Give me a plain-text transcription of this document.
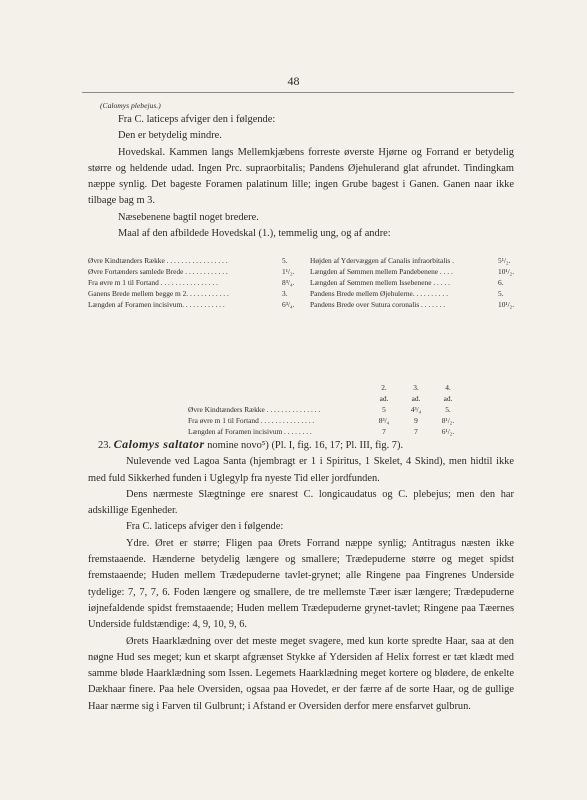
48

(Calomys plebejus.)

Fra C. laticeps afviger den i følgende:

Den er betydelig mindre.

Hovedskal. Kammen langs Mellemkjæbens forreste øverste Hjørne og Forrand er betydelig større og heldende udad. Ingen Prc. supraorbitalis; Pandens Øjehulerand glat afrundet. Tindingkam næppe synlig. Det bageste Foramen palatinum lille; ingen Grube bagest i Ganen. Ganen naar ikke tilbage bag m 3.

Næsebenene bagtil noget bredere.

Maal af den afbildede Hovedskal (1.), temmelig ung, og af andre:

Øvre Kindtænders Række . . . . . . . . . . . . . . . . .	5.
Øvre Fortænders samlede Brede . . . . . . . . . . . .	1¹/₂.
Fra øvre m 1 til Fortand . . . . . . . . . . . . . . . .	8³/₄.
Ganens Brede mellem begge m 2. . . . . . . . . . . .	3.
Længden af Foramen incisivum. . . . . . . . . . . .	6³/₄.
Højden af Ydervæggen af Canalis infraorbitalis .	5¹/₂.
Længden af Sømmen mellem Pandebenene . . . .	10¹/₂.
Længden af Sømmen mellem Issebenene . . . . .	6.
Pandens Brede mellem Øjehulerne. . . . . . . . . .	5.
Pandens Brede over Sutura coronalis . . . . . . .	10¹/₂.
2.	3.	4.
ad.	ad.	ad.
Øvre Kindtænders Række . . . . . . . . . . . . . . .	5	4³/₄	5.
Fra øvre m 1 til Fortand . . . . . . . . . . . . . . .	8³/₄	9	8¹/₂.
Længden af Foramen incisivum . . . . . . . .	7	7	6¹/₂.

23. Calomys saltator nomine novo⁵) (Pl. I, fig. 16, 17; Pl. III, fig. 7).

Nulevende ved Lagoa Santa (hjembragt er 1 i Spiritus, 1 Skelet, 4 Skind), men hidtil ikke med fuld Sikkerhed funden i Uglegylp fra nyeste Tid eller jordfunden.

Dens nærmeste Slægtninge ere snarest C. longicaudatus og C. plebejus; men den har adskillige Egenheder.

Fra C. laticeps afviger den i følgende:

Ydre. Øret er større; Fligen paa Ørets Forrand næppe synlig; Antitragus næsten ikke fremstaaende. Hænderne betydelig længere og smallere; Trædepuderne større og meget spidst fremstaaende; Huden mellem Trædepuderne tavlet-grynet; alle Ringene paa Fingrenes Underside tydelige: 7, 7, 7, 6. Foden længere og smallere, de tre mellemste Tæer især længere; Trædepuderne iøjnefaldende spidst fremstaaende; Huden mellem Trædepuderne grynet-tavlet; Ringene paa Tæernes Underside fuldstændige: 4, 9, 10, 9, 6.

Ørets Haarklædning over det meste meget svagere, med kun korte spredte Haar, saa at den nøgne Hud ses meget; kun et skarpt afgrænset Stykke af Ydersiden af Helix forrest er tæt klædt med samme bløde Haarklædning som Issen. Legemets Haarklædning meget kortere og blødere, de enkelte Dækhaar finere. Paa hele Oversiden, ogsaa paa Hovedet, er der færre af de sorte Haar, og de gullige Haar nærme sig i Farven til Gulbrunt; i Afstand er Oversiden derfor mere ensfarvet gulbrun.
